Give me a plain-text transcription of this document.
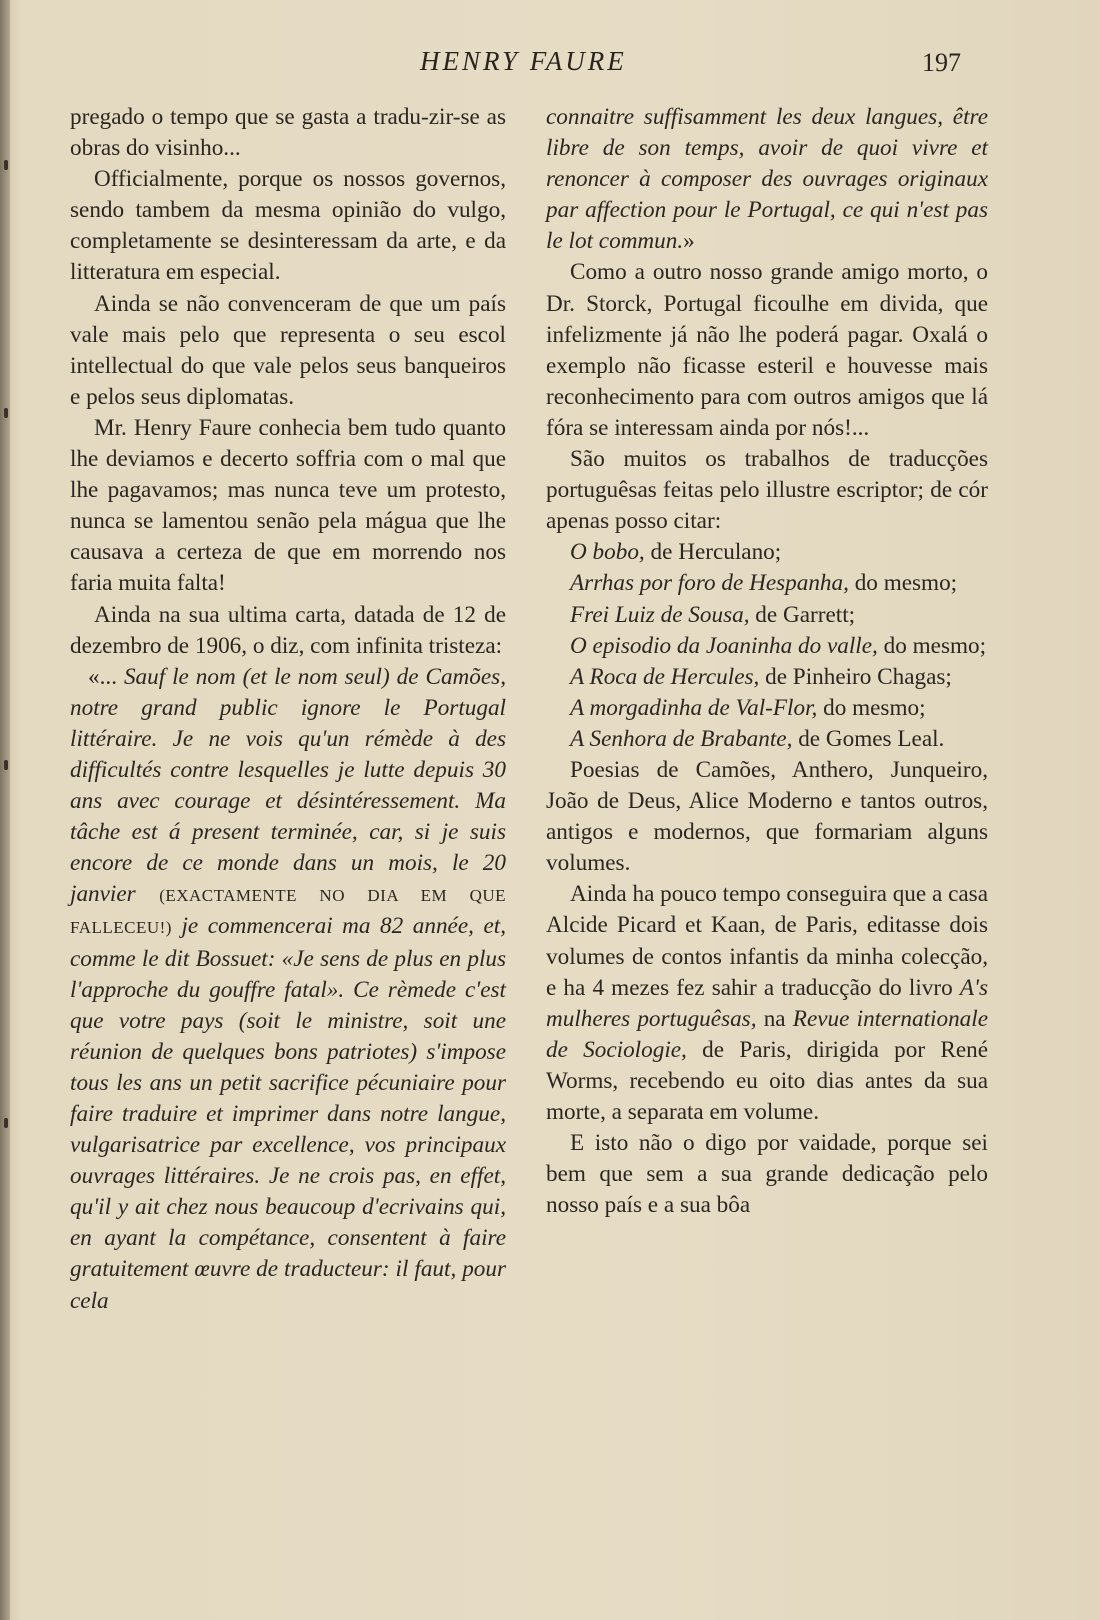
HENRY FAURE	197

pregado o tempo que se gasta a tradu-zir-se as obras do visinho...

Officialmente, porque os nossos governos, sendo tambem da mesma opinião do vulgo, completamente se desinteressam da arte, e da litteratura em especial.

Ainda se não convenceram de que um país vale mais pelo que representa o seu escol intellectual do que vale pelos seus banqueiros e pelos seus diplomatas.

Mr. Henry Faure conhecia bem tudo quanto lhe deviamos e decerto soffria com o mal que lhe pagavamos; mas nunca teve um protesto, nunca se lamentou senão pela mágua que lhe causava a certeza de que em morrendo nos faria muita falta!

Ainda na sua ultima carta, datada de 12 de dezembro de 1906, o diz, com infinita tristeza:

«... Sauf le nom (et le nom seul) de Camões, notre grand public ignore le Portugal littéraire. Je ne vois qu'un rémède à des difficultés contre lesquelles je lutte depuis 30 ans avec courage et désintéressement. Ma tâche est á present terminée, car, si je suis encore de ce monde dans un mois, le 20 janvier (EXACTAMENTE NO DIA EM QUE FALLECEU!) je commencerai ma 82 année, et, comme le dit Bossuet: «Je sens de plus en plus l'approche du gouffre fatal». Ce rèmede c'est que votre pays (soit le ministre, soit une réunion de quelques bons patriotes) s'impose tous les ans un petit sacrifice pécuniaire pour faire traduire et imprimer dans notre langue, vulgarisatrice par excellence, vos principaux ouvrages littéraires. Je ne crois pas, en effet, qu'il y ait chez nous beaucoup d'ecrivains qui, en ayant la compétance, consentent à faire gratuitement œuvre de traducteur: il faut, pour cela

connaitre suffisamment les deux langues, être libre de son temps, avoir de quoi vivre et renoncer à composer des ouvrages originaux par affection pour le Portugal, ce qui n'est pas le lot commun.»

Como a outro nosso grande amigo morto, o Dr. Storck, Portugal ficoulhe em divida, que infelizmente já não lhe poderá pagar. Oxalá o exemplo não ficasse esteril e houvesse mais reconhecimento para com outros amigos que lá fóra se interessam ainda por nós!...

São muitos os trabalhos de traducções portuguêsas feitas pelo illustre escriptor; de cór apenas posso citar:

O bobo, de Herculano;

Arrhas por foro de Hespanha, do mesmo;

Frei Luiz de Sousa, de Garrett;

O episodio da Joaninha do valle, do mesmo;

A Roca de Hercules, de Pinheiro Chagas;

A morgadinha de Val-Flor, do mesmo;

A Senhora de Brabante, de Gomes Leal.

Poesias de Camões, Anthero, Junqueiro, João de Deus, Alice Moderno e tantos outros, antigos e modernos, que formariam alguns volumes.

Ainda ha pouco tempo conseguira que a casa Alcide Picard et Kaan, de Paris, editasse dois volumes de contos infantis da minha colecção, e ha 4 mezes fez sahir a traducção do livro A's mulheres portuguêsas, na Revue internationale de Sociologie, de Paris, dirigida por René Worms, recebendo eu oito dias antes da sua morte, a separata em volume.

E isto não o digo por vaidade, porque sei bem que sem a sua grande dedicação pelo nosso país e a sua bôa
